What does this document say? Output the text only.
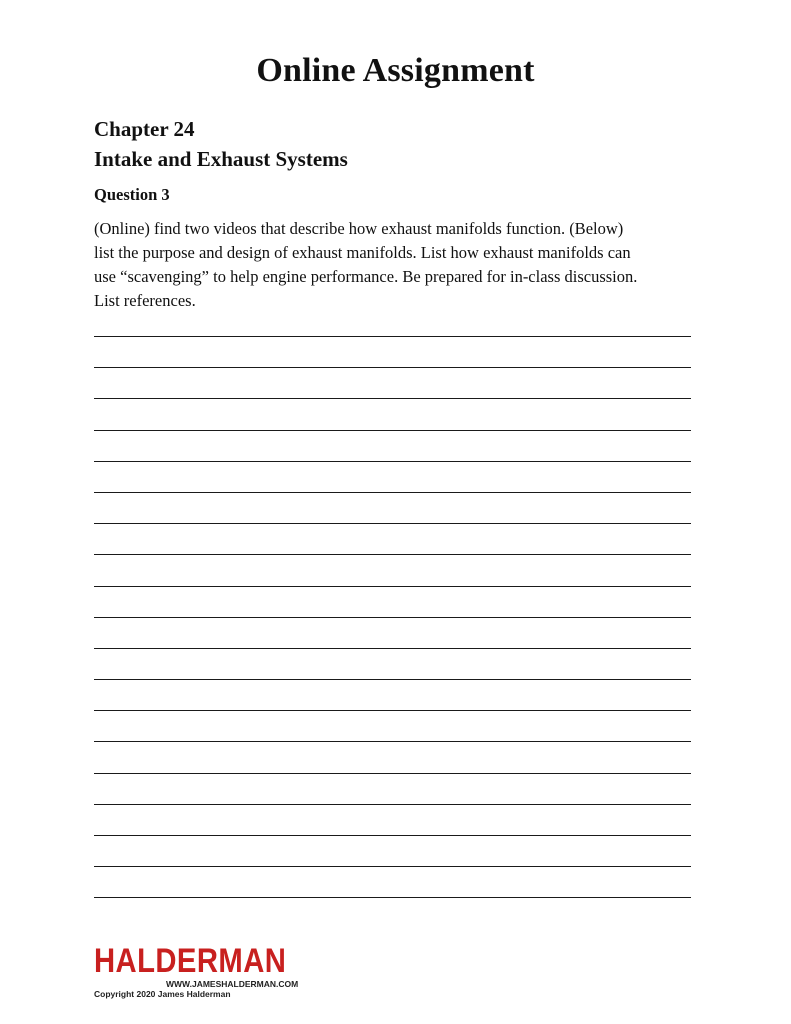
Online Assignment
Chapter 24
Intake and Exhaust Systems
Question 3
(Online) find two videos that describe how exhaust manifolds function. (Below)
list the purpose and design of exhaust manifolds. List how exhaust manifolds can
use “scavenging” to help engine performance. Be prepared for in-class discussion.
List references.
HALDERMAN
WWW.JAMESHALDERMAN.COM
Copyright 2020 James Halderman
